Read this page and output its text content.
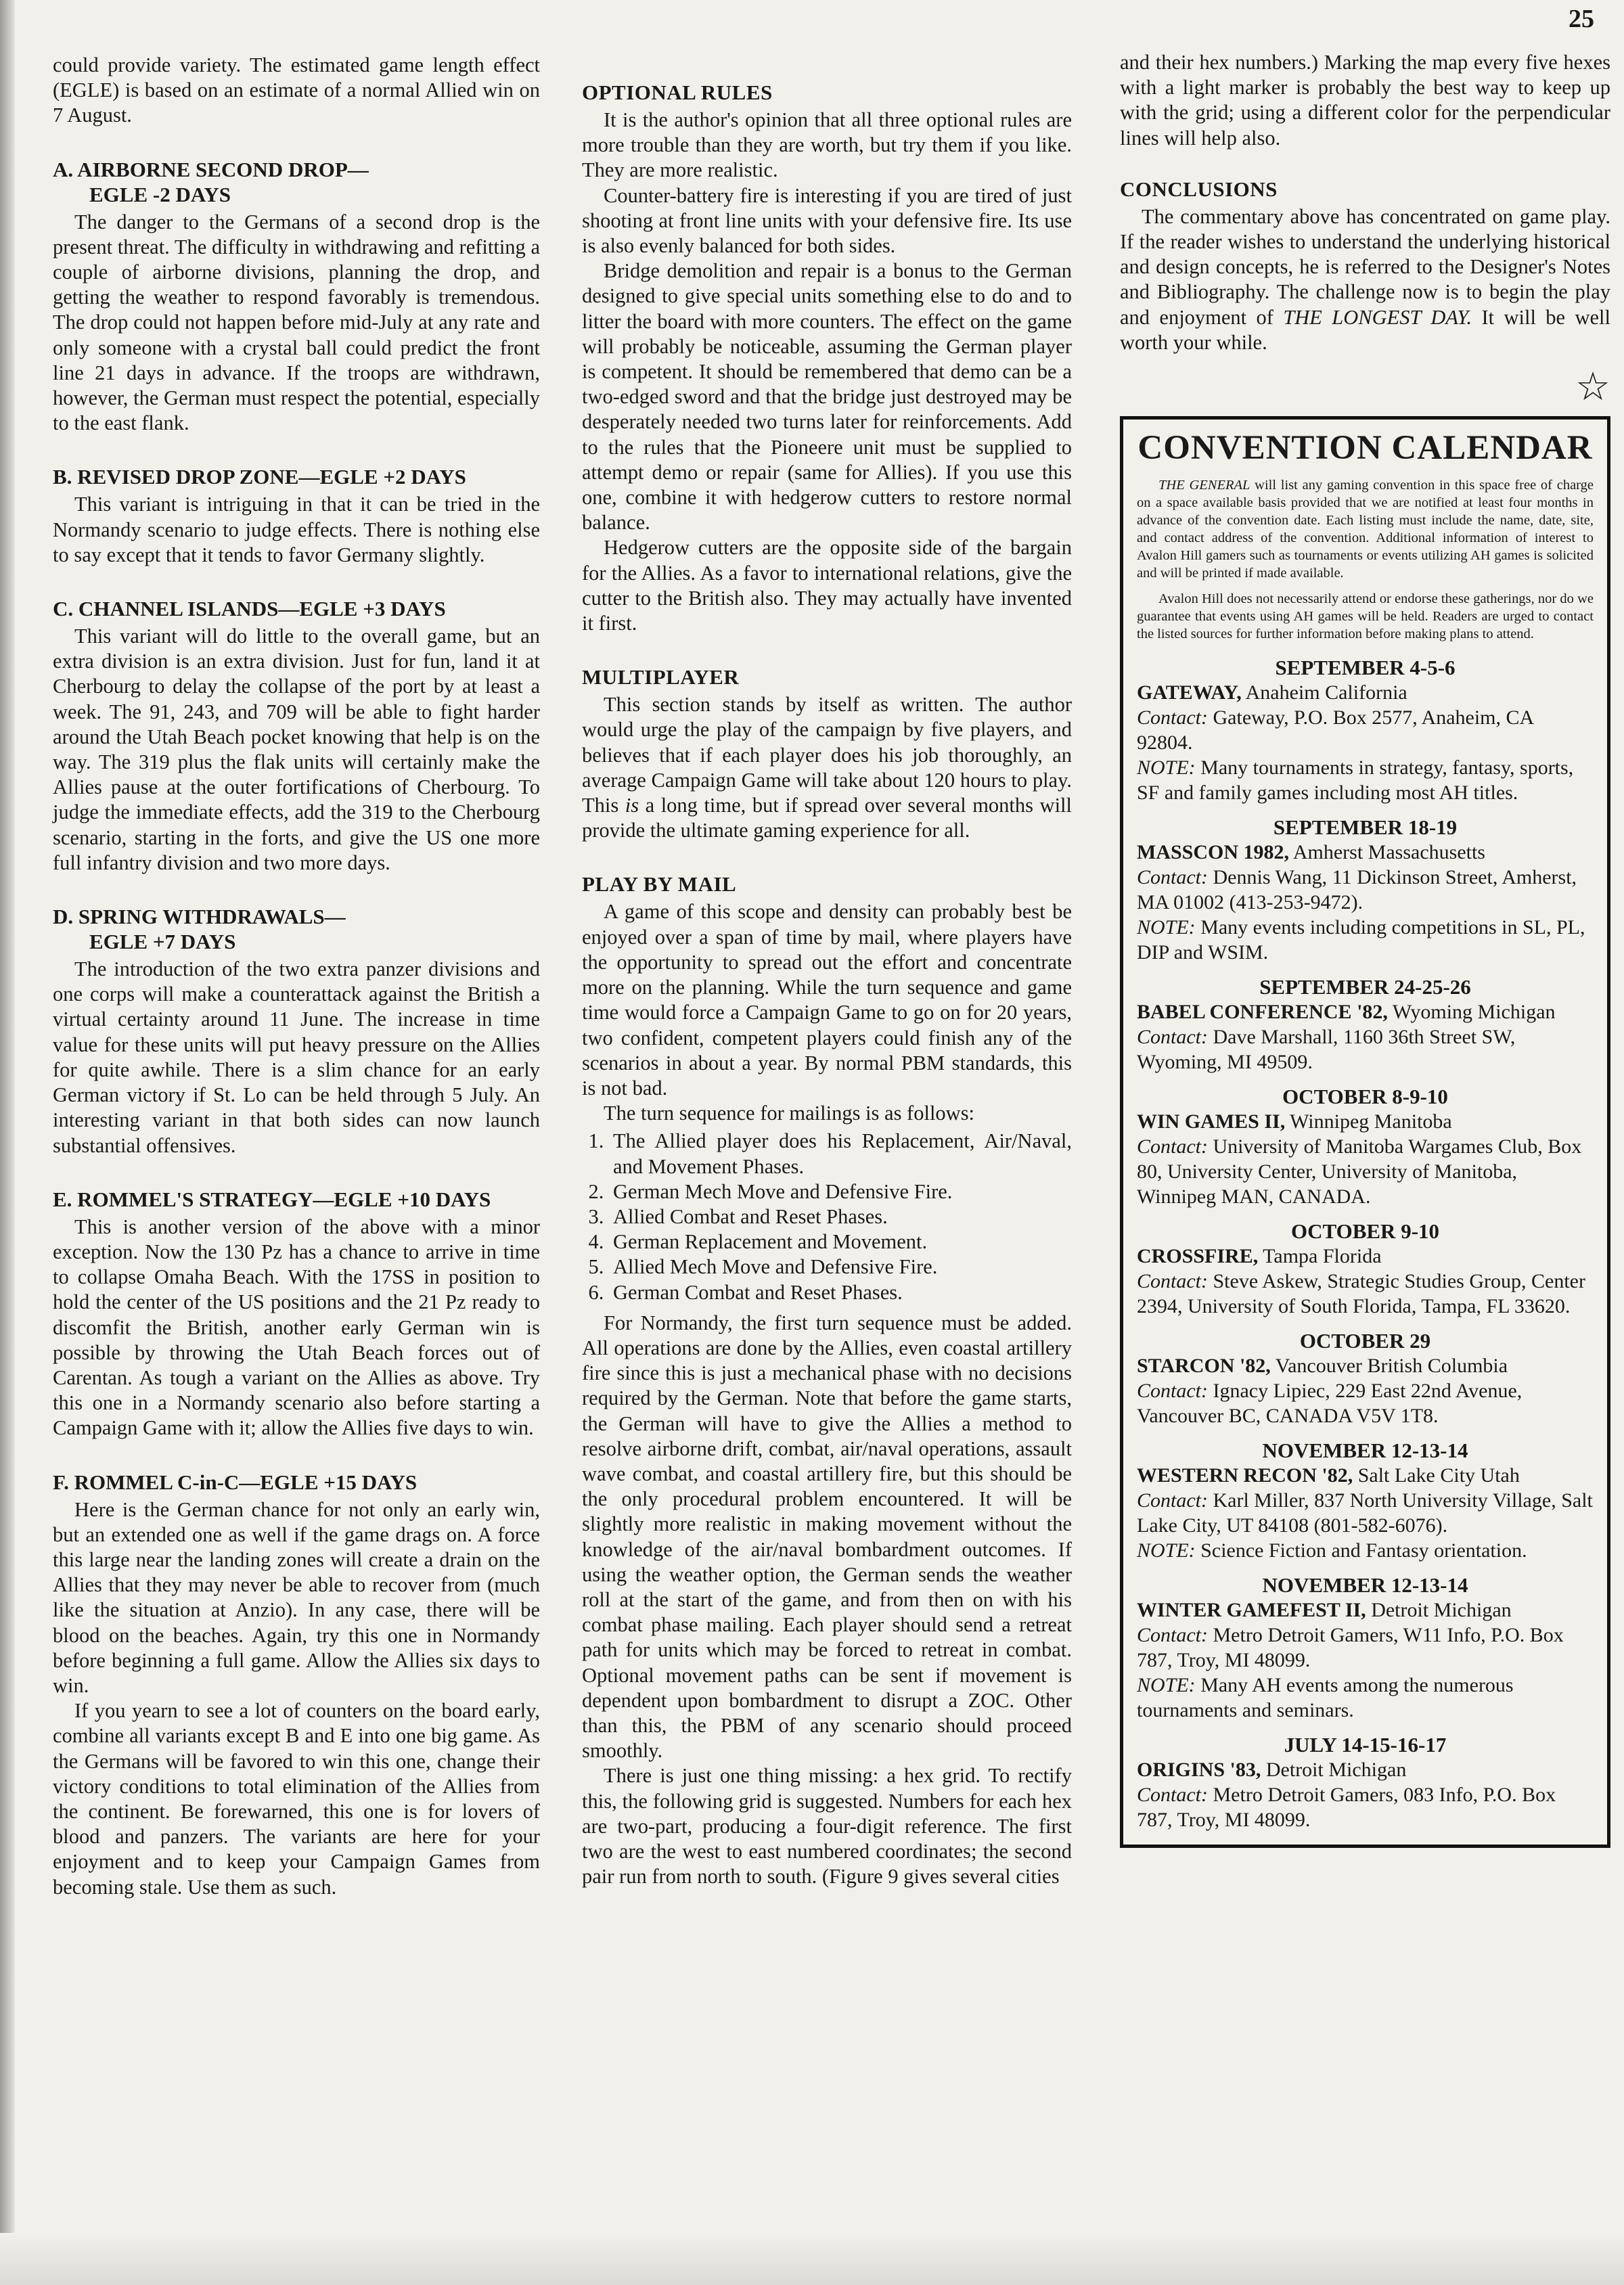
25

could provide variety. The estimated game length effect (EGLE) is based on an estimate of a normal Allied win on 7 August.

A. AIRBORNE SECOND DROP—
EGLE -2 DAYS

The danger to the Germans of a second drop is the present threat. The difficulty in withdrawing and refitting a couple of airborne divisions, planning the drop, and getting the weather to respond favorably is tremendous. The drop could not happen before mid-July at any rate and only someone with a crystal ball could predict the front line 21 days in advance. If the troops are withdrawn, however, the German must respect the potential, especially to the east flank.

B. REVISED DROP ZONE—EGLE +2 DAYS

This variant is intriguing in that it can be tried in the Normandy scenario to judge effects. There is nothing else to say except that it tends to favor Germany slightly.

C. CHANNEL ISLANDS—EGLE +3 DAYS

This variant will do little to the overall game, but an extra division is an extra division. Just for fun, land it at Cherbourg to delay the collapse of the port by at least a week. The 91, 243, and 709 will be able to fight harder around the Utah Beach pocket knowing that help is on the way. The 319 plus the flak units will certainly make the Allies pause at the outer fortifications of Cherbourg. To judge the immediate effects, add the 319 to the Cherbourg scenario, starting in the forts, and give the US one more full infantry division and two more days.

D. SPRING WITHDRAWALS—
EGLE +7 DAYS

The introduction of the two extra panzer divisions and one corps will make a counterattack against the British a virtual certainty around 11 June. The increase in time value for these units will put heavy pressure on the Allies for quite awhile. There is a slim chance for an early German victory if St. Lo can be held through 5 July. An interesting variant in that both sides can now launch substantial offensives.

E. ROMMEL'S STRATEGY—EGLE +10 DAYS

This is another version of the above with a minor exception. Now the 130 Pz has a chance to arrive in time to collapse Omaha Beach. With the 17SS in position to hold the center of the US positions and the 21 Pz ready to discomfit the British, another early German win is possible by throwing the Utah Beach forces out of Carentan. As tough a variant on the Allies as above. Try this one in a Normandy scenario also before starting a Campaign Game with it; allow the Allies five days to win.

F. ROMMEL C-in-C—EGLE +15 DAYS

Here is the German chance for not only an early win, but an extended one as well if the game drags on. A force this large near the landing zones will create a drain on the Allies that they may never be able to recover from (much like the situation at Anzio). In any case, there will be blood on the beaches. Again, try this one in Normandy before beginning a full game. Allow the Allies six days to win.

If you yearn to see a lot of counters on the board early, combine all variants except B and E into one big game. As the Germans will be favored to win this one, change their victory conditions to total elimination of the Allies from the continent. Be forewarned, this one is for lovers of blood and panzers. The variants are here for your enjoyment and to keep your Campaign Games from becoming stale. Use them as such.

OPTIONAL RULES

It is the author's opinion that all three optional rules are more trouble than they are worth, but try them if you like. They are more realistic.

Counter-battery fire is interesting if you are tired of just shooting at front line units with your defensive fire. Its use is also evenly balanced for both sides.

Bridge demolition and repair is a bonus to the German designed to give special units something else to do and to litter the board with more counters. The effect on the game will probably be noticeable, assuming the German player is competent. It should be remembered that demo can be a two-edged sword and that the bridge just destroyed may be desperately needed two turns later for reinforcements. Add to the rules that the Pioneere unit must be supplied to attempt demo or repair (same for Allies). If you use this one, combine it with hedgerow cutters to restore normal balance.

Hedgerow cutters are the opposite side of the bargain for the Allies. As a favor to international relations, give the cutter to the British also. They may actually have invented it first.

MULTIPLAYER

This section stands by itself as written. The author would urge the play of the campaign by five players, and believes that if each player does his job thoroughly, an average Campaign Game will take about 120 hours to play. This is a long time, but if spread over several months will provide the ultimate gaming experience for all.

PLAY BY MAIL

A game of this scope and density can probably best be enjoyed over a span of time by mail, where players have the opportunity to spread out the effort and concentrate more on the planning. While the turn sequence and game time would force a Campaign Game to go on for 20 years, two confident, competent players could finish any of the scenarios in about a year. By normal PBM standards, this is not bad.

The turn sequence for mailings is as follows:

1. The Allied player does his Replacement, Air/Naval, and Movement Phases.
2. German Mech Move and Defensive Fire.
3. Allied Combat and Reset Phases.
4. German Replacement and Movement.
5. Allied Mech Move and Defensive Fire.
6. German Combat and Reset Phases.

For Normandy, the first turn sequence must be added. All operations are done by the Allies, even coastal artillery fire since this is just a mechanical phase with no decisions required by the German. Note that before the game starts, the German will have to give the Allies a method to resolve airborne drift, combat, air/naval operations, assault wave combat, and coastal artillery fire, but this should be the only procedural problem encountered. It will be slightly more realistic in making movement without the knowledge of the air/naval bombardment outcomes. If using the weather option, the German sends the weather roll at the start of the game, and from then on with his combat phase mailing. Each player should send a retreat path for units which may be forced to retreat in combat. Optional movement paths can be sent if movement is dependent upon bombardment to disrupt a ZOC. Other than this, the PBM of any scenario should proceed smoothly.

There is just one thing missing: a hex grid. To rectify this, the following grid is suggested. Numbers for each hex are two-part, producing a four-digit reference. The first two are the west to east numbered coordinates; the second pair run from north to south. (Figure 9 gives several cities

and their hex numbers.) Marking the map every five hexes with a light marker is probably the best way to keep up with the grid; using a different color for the perpendicular lines will help also.

CONCLUSIONS

The commentary above has concentrated on game play. If the reader wishes to understand the underlying historical and design concepts, he is referred to the Designer's Notes and Bibliography. The challenge now is to begin the play and enjoyment of THE LONGEST DAY. It will be well worth your while.

☆
CONVENTION CALENDAR

THE GENERAL will list any gaming convention in this space free of charge on a space available basis provided that we are notified at least four months in advance of the convention date. Each listing must include the name, date, site, and contact address of the convention. Additional information of interest to Avalon Hill gamers such as tournaments or events utilizing AH games is solicited and will be printed if made available.

Avalon Hill does not necessarily attend or endorse these gatherings, nor do we guarantee that events using AH games will be held. Readers are urged to contact the listed sources for further information before making plans to attend.

SEPTEMBER 4-5-6
GATEWAY, Anaheim California
Contact: Gateway, P.O. Box 2577, Anaheim, CA 92804.
NOTE: Many tournaments in strategy, fantasy, sports, SF and family games including most AH titles.
SEPTEMBER 18-19
MASSCON 1982, Amherst Massachusetts
Contact: Dennis Wang, 11 Dickinson Street, Amherst, MA 01002 (413-253-9472).
NOTE: Many events including competitions in SL, PL, DIP and WSIM.
SEPTEMBER 24-25-26
BABEL CONFERENCE '82, Wyoming Michigan
Contact: Dave Marshall, 1160 36th Street SW, Wyoming, MI 49509.
OCTOBER 8-9-10
WIN GAMES II, Winnipeg Manitoba
Contact: University of Manitoba Wargames Club, Box 80, University Center, University of Manitoba, Winnipeg MAN, CANADA.
OCTOBER 9-10
CROSSFIRE, Tampa Florida
Contact: Steve Askew, Strategic Studies Group, Center 2394, University of South Florida, Tampa, FL 33620.
OCTOBER 29
STARCON '82, Vancouver British Columbia
Contact: Ignacy Lipiec, 229 East 22nd Avenue, Vancouver BC, CANADA V5V 1T8.
NOVEMBER 12-13-14
WESTERN RECON '82, Salt Lake City Utah
Contact: Karl Miller, 837 North University Village, Salt Lake City, UT 84108 (801-582-6076).
NOTE: Science Fiction and Fantasy orientation.
NOVEMBER 12-13-14
WINTER GAMEFEST II, Detroit Michigan
Contact: Metro Detroit Gamers, W11 Info, P.O. Box 787, Troy, MI 48099.
NOTE: Many AH events among the numerous tournaments and seminars.
JULY 14-15-16-17
ORIGINS '83, Detroit Michigan
Contact: Metro Detroit Gamers, 083 Info, P.O. Box 787, Troy, MI 48099.
